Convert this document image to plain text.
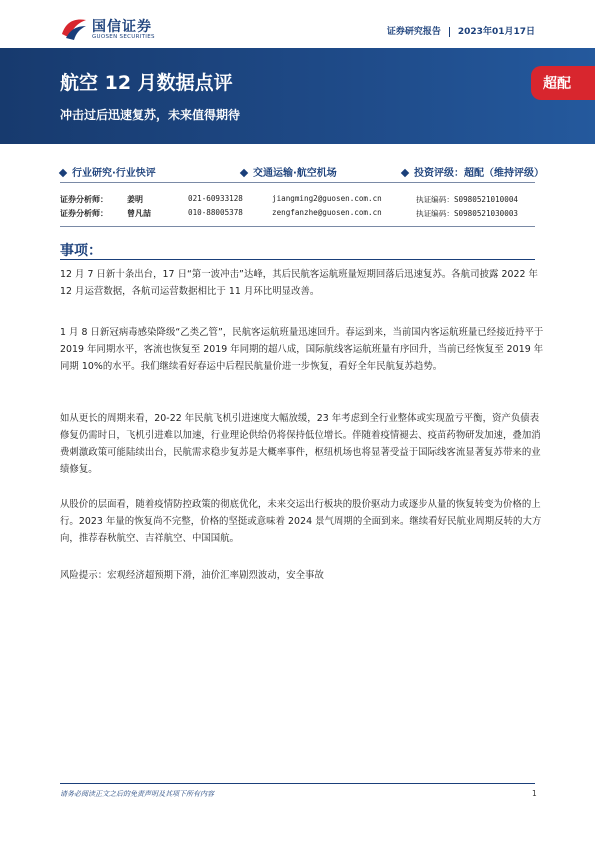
国信证券
GUOSEN SECURITIES	证券研究报告 2023年01月17日
航空 12 月数据点评
冲击过后迅速复苏，未来值得期待
超配
行业研究·行业快评	交通运输·航空机场	投资评级：超配（维持评级）
证券分析师： 姜明	021-60933128	jiangming2@guosen.com.cn	执证编码：S0980521010004
证券分析师： 曾凡喆	010-88005378	zengfanzhe@guosen.com.cn	执证编码：S0980521030003
事项：

12 月 7 日新十条出台，17 日“第一波冲击”达峰，其后民航客运航班量短期回落后迅速复苏。各航司披露 2022 年 12 月运营数据，各航司运营数据相比于 11 月环比明显改善。

1 月 8 日新冠病毒感染降级“乙类乙管”，民航客运航班量迅速回升。春运到来，当前国内客运航班量已经接近持平于 2019 年同期水平，客流也恢复至 2019 年同期的超八成，国际航线客运航班量有序回升，当前已经恢复至 2019 年同期 10%的水平。我们继续看好春运中后程民航量价进一步恢复，看好全年民航复苏趋势。

如从更长的周期来看，20-22 年民航飞机引进速度大幅放缓，23 年考虑到全行业整体或实现盈亏平衡，资产负债表修复仍需时日，飞机引进难以加速，行业理论供给仍将保持低位增长。伴随着疫情褪去、疫苗药物研发加速，叠加消费刺激政策可能陆续出台，民航需求稳步复苏是大概率事件，枢纽机场也将显著受益于国际线客流显著复苏带来的业绩修复。

从股价的层面看，随着疫情防控政策的彻底优化，未来交运出行板块的股价驱动力或逐步从量的恢复转变为价格的上行。2023 年量的恢复尚不完整，价格的坚挺或意味着 2024 景气周期的全面到来。继续看好民航业周期反转的大方向，推荐春秋航空、吉祥航空、中国国航。

风险提示：宏观经济超预期下滑，油价汇率剧烈波动，安全事故

请务必阅读正文之后的免责声明及其项下所有内容	1
